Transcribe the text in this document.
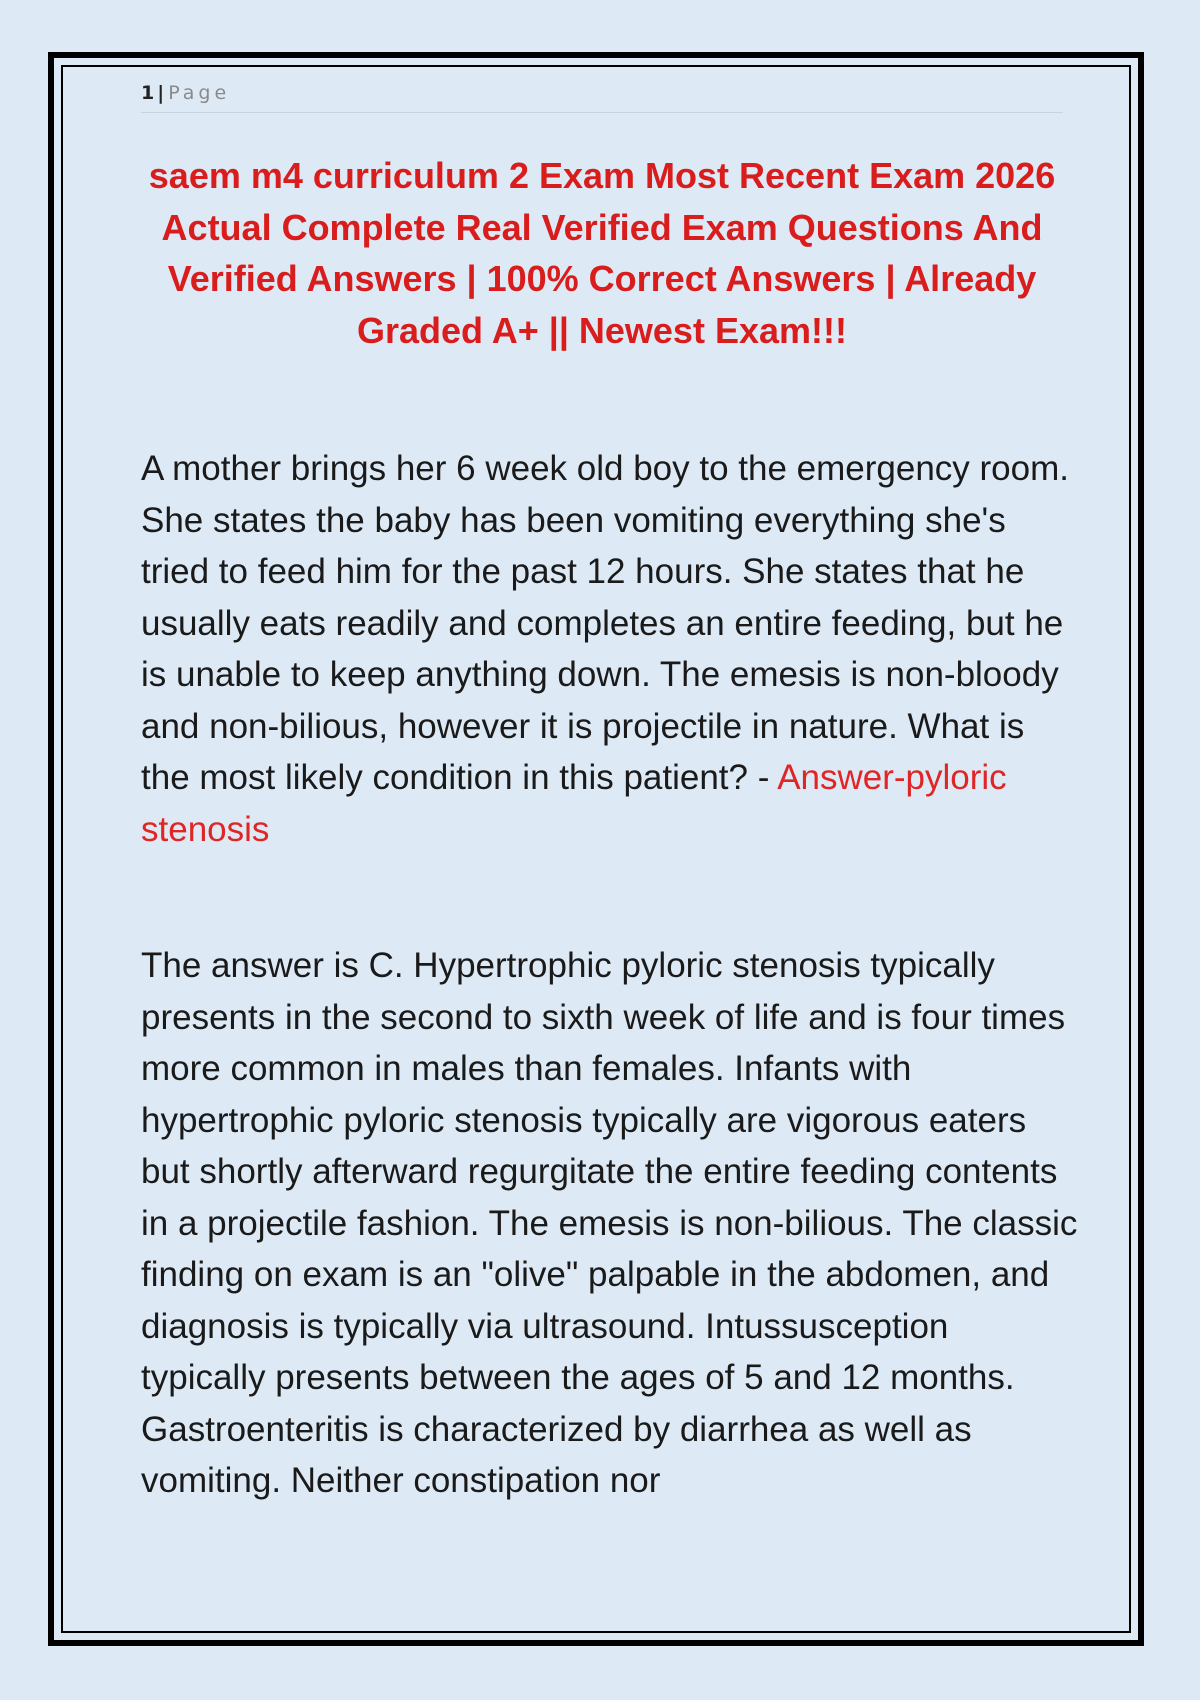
1 | Page
saem m4 curriculum 2 Exam Most Recent Exam 2026 Actual Complete Real Verified Exam Questions And Verified Answers | 100% Correct Answers | Already Graded A+ || Newest Exam!!!

A mother brings her 6 week old boy to the emergency room. She states the baby has been vomiting everything she's tried to feed him for the past 12 hours. She states that he usually eats readily and completes an entire feeding, but he is unable to keep anything down. The emesis is non-bloody and non-bilious, however it is projectile in nature. What is the most likely condition in this patient? - Answer-pyloric stenosis

The answer is C. Hypertrophic pyloric stenosis typically presents in the second to sixth week of life and is four times more common in males than females. Infants with hypertrophic pyloric stenosis typically are vigorous eaters but shortly afterward regurgitate the entire feeding contents in a projectile fashion. The emesis is non-bilious. The classic finding on exam is an "olive" palpable in the abdomen, and diagnosis is typically via ultrasound. Intussusception typically presents between the ages of 5 and 12 months. Gastroenteritis is characterized by diarrhea as well as vomiting. Neither constipation nor
